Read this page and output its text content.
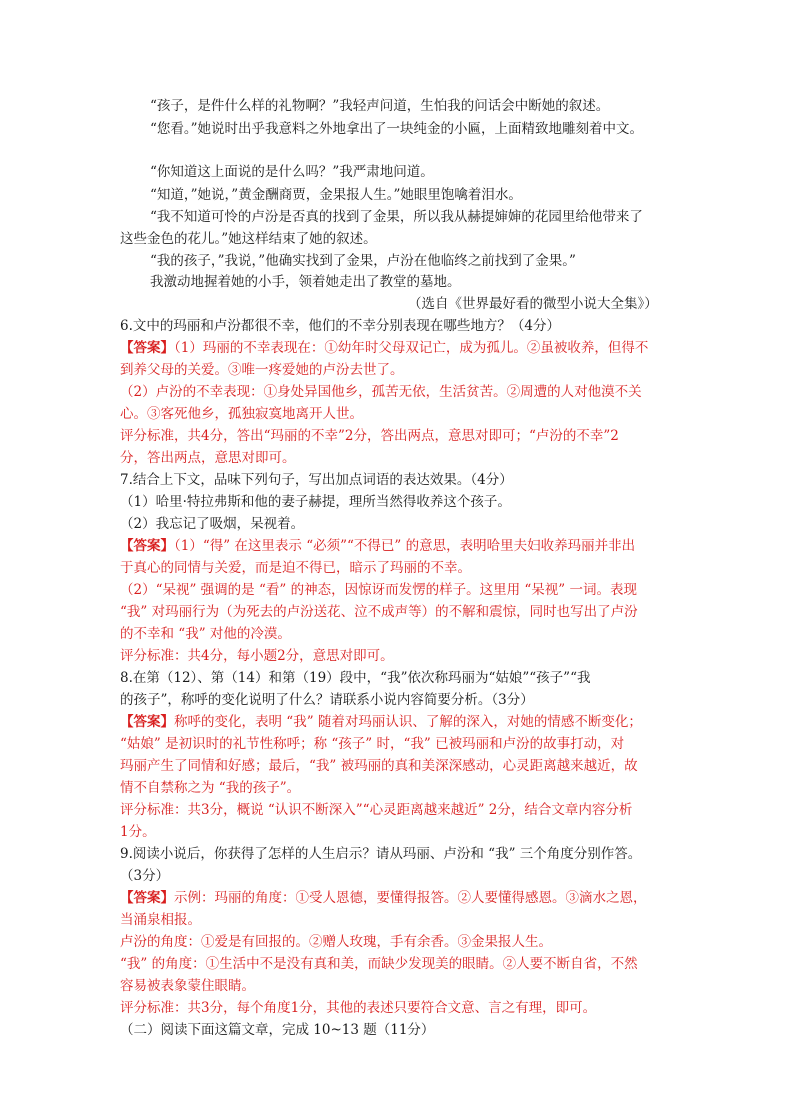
“孩子，是件什么样的礼物啊？”我轻声问道，生怕我的问话会中断她的叙述。
“您看。”她说时出乎我意料之外地拿出了一块纯金的小匾，上面精致地雕刻着中文。
“你知道这上面说的是什么吗？”我严肃地问道。
“知道，”她说，”黄金酬商贾，金果报人生。”她眼里饱噙着泪水。
“我不知道可怜的卢汾是否真的找到了金果，所以我从赫提婶婶的花园里给他带来了
这些金色的花儿。”她这样结束了她的叙述。
“我的孩子，”我说，”他确实找到了金果，卢汾在他临终之前找到了金果。”
我激动地握着她的小手，领着她走出了教堂的墓地。
（选自《世界最好看的微型小说大全集》）
6.文中的玛丽和卢汾都很不幸，他们的不幸分别表现在哪些地方？（4分）
【答案】（1）玛丽的不幸表现在：①幼年时父母双记亡，成为孤儿。②虽被收养，但得不
到养父母的关爱。③唯一疼爱她的卢汾去世了。
（2）卢汾的不幸表现：①身处异国他乡，孤苦无依，生活贫苦。②周遭的人对他漠不关
心。③客死他乡，孤独寂寞地离开人世。
评分标准，共4分，答出“玛丽的不幸”2分，答出两点，意思对即可；“卢汾的不幸”2
分，答出两点，意思对即可。
7.结合上下文，品味下列句子，写出加点词语的表达效果。（4分）
（1）哈里·特拉弗斯和他的妻子赫提，理所当然得收养这个孩子。
（2）我忘记了吸烟，呆视着。
【答案】（1）“得” 在这里表示 “必须”“不得已” 的意思，表明哈里夫妇收养玛丽并非出
于真心的同情与关爱，而是迫不得已，暗示了玛丽的不幸。
（2）“呆视” 强调的是 “看” 的神态，因惊讶而发愣的样子。这里用 “呆视” 一词。表现
“我” 对玛丽行为（为死去的卢汾送花、泣不成声等）的不解和震惊，同时也写出了卢汾
的不幸和 “我” 对他的冷漠。
评分标准：共4分，每小题2分，意思对即可。
8.在第（12）、第（14）和第（19）段中，“我”依次称玛丽为“姑娘”“孩子”“我
的孩子”，称呼的变化说明了什么？请联系小说内容简要分析。（3分）
【答案】称呼的变化，表明 “我” 随着对玛丽认识、了解的深入，对她的情感不断变化；
“姑娘” 是初识时的礼节性称呼；称 “孩子” 时，“我” 已被玛丽和卢汾的故事打动，对
玛丽产生了同情和好感；最后，“我” 被玛丽的真和美深深感动，心灵距离越来越近，故
情不自禁称之为 “我的孩子”。
评分标准：共3分，概说 “认识不断深入”“心灵距离越来越近” 2分，结合文章内容分析
1分。
9.阅读小说后，你获得了怎样的人生启示？请从玛丽、卢汾和 “我” 三个角度分别作答。
（3分）
【答案】示例：玛丽的角度：①受人恩德，要懂得报答。②人要懂得感恩。③滴水之恩，
当涌泉相报。
卢汾的角度：①爱是有回报的。②赠人玫瑰，手有余香。③金果报人生。
“我” 的角度：①生活中不是没有真和美，而缺少发现美的眼睛。②人要不断自省，不然
容易被表象蒙住眼睛。
评分标准：共3分，每个角度1分，其他的表述只要符合文意、言之有理，即可。
（二）阅读下面这篇文章，完成 10~13 题（11分）
